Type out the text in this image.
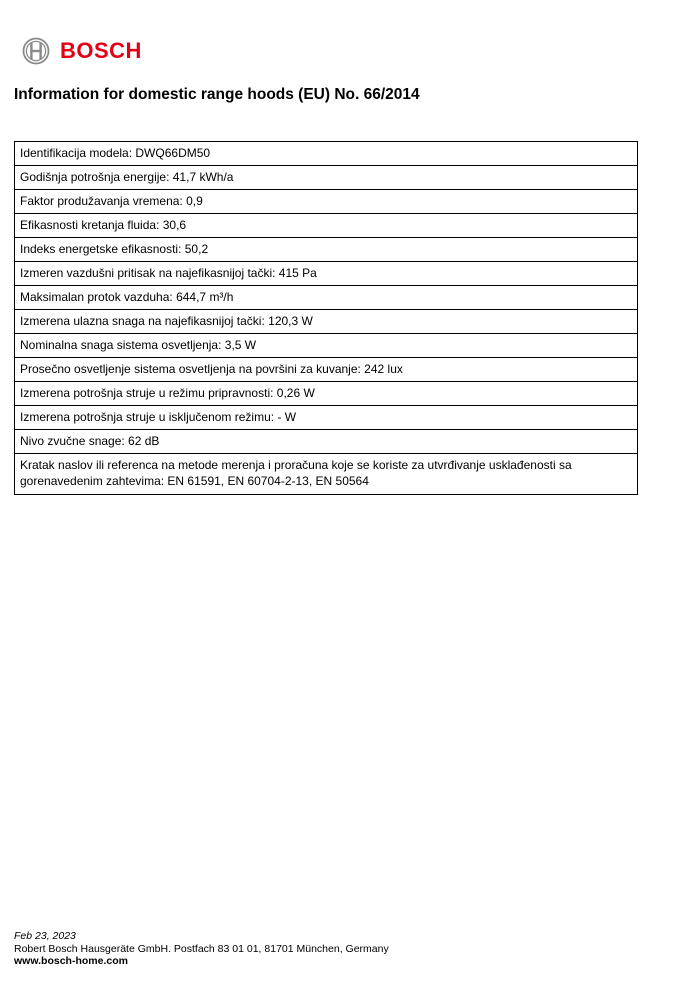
BOSCH
Information for domestic range hoods (EU) No. 66/2014
Identifikacija modela: DWQ66DM50
Godišnja potrošnja energije: 41,7 kWh/a
Faktor produžavanja vremena: 0,9
Efikasnosti kretanja fluida: 30,6
Indeks energetske efikasnosti: 50,2
Izmeren vazdušni pritisak na najefikasnijoj tački: 415 Pa
Maksimalan protok vazduha: 644,7 m³/h
Izmerena ulazna snaga na najefikasnijoj tački: 120,3 W
Nominalna snaga sistema osvetljenja: 3,5 W
Prosečno osvetljenje sistema osvetljenja na površini za kuvanje: 242 lux
Izmerena potrošnja struje u režimu pripravnosti: 0,26 W
Izmerena potrošnja struje u isključenom režimu: - W
Nivo zvučne snage: 62 dB
Kratak naslov ili referenca na metode merenja i proračuna koje se koriste za utvrđivanje usklađenosti sa gorenavedenim zahtevima: EN 61591, EN 60704-2-13, EN 50564
Feb 23, 2023
Robert Bosch Hausgeräte GmbH. Postfach 83 01 01, 81701 München, Germany
www.bosch-home.com
